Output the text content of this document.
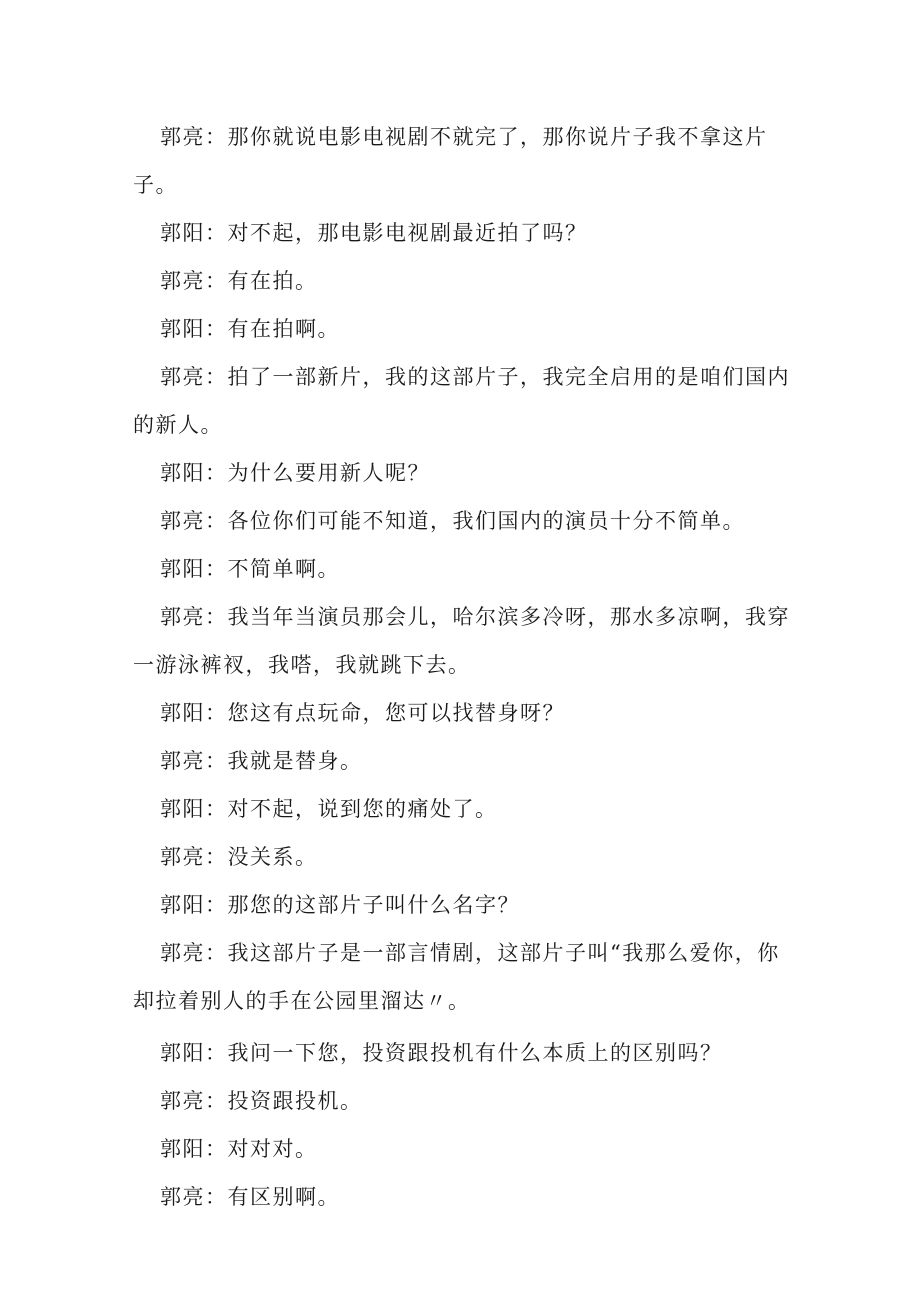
郭亮：那你就说电影电视剧不就完了，那你说片子我不拿这片子。

郭阳：对不起，那电影电视剧最近拍了吗？

郭亮：有在拍。

郭阳：有在拍啊。

郭亮：拍了一部新片，我的这部片子，我完全启用的是咱们国内的新人。

郭阳：为什么要用新人呢？

郭亮：各位你们可能不知道，我们国内的演员十分不简单。

郭阳：不简单啊。

郭亮：我当年当演员那会儿，哈尔滨多冷呀，那水多凉啊，我穿一游泳裤衩，我嗒，我就跳下去。

郭阳：您这有点玩命，您可以找替身呀？

郭亮：我就是替身。

郭阳：对不起，说到您的痛处了。

郭亮：没关系。

郭阳：那您的这部片子叫什么名字？

郭亮：我这部片子是一部言情剧，这部片子叫“我那么爱你，你却拉着别人的手在公园里溜达〃。

郭阳：我问一下您，投资跟投机有什么本质上的区别吗？

郭亮：投资跟投机。

郭阳：对对对。

郭亮：有区别啊。
